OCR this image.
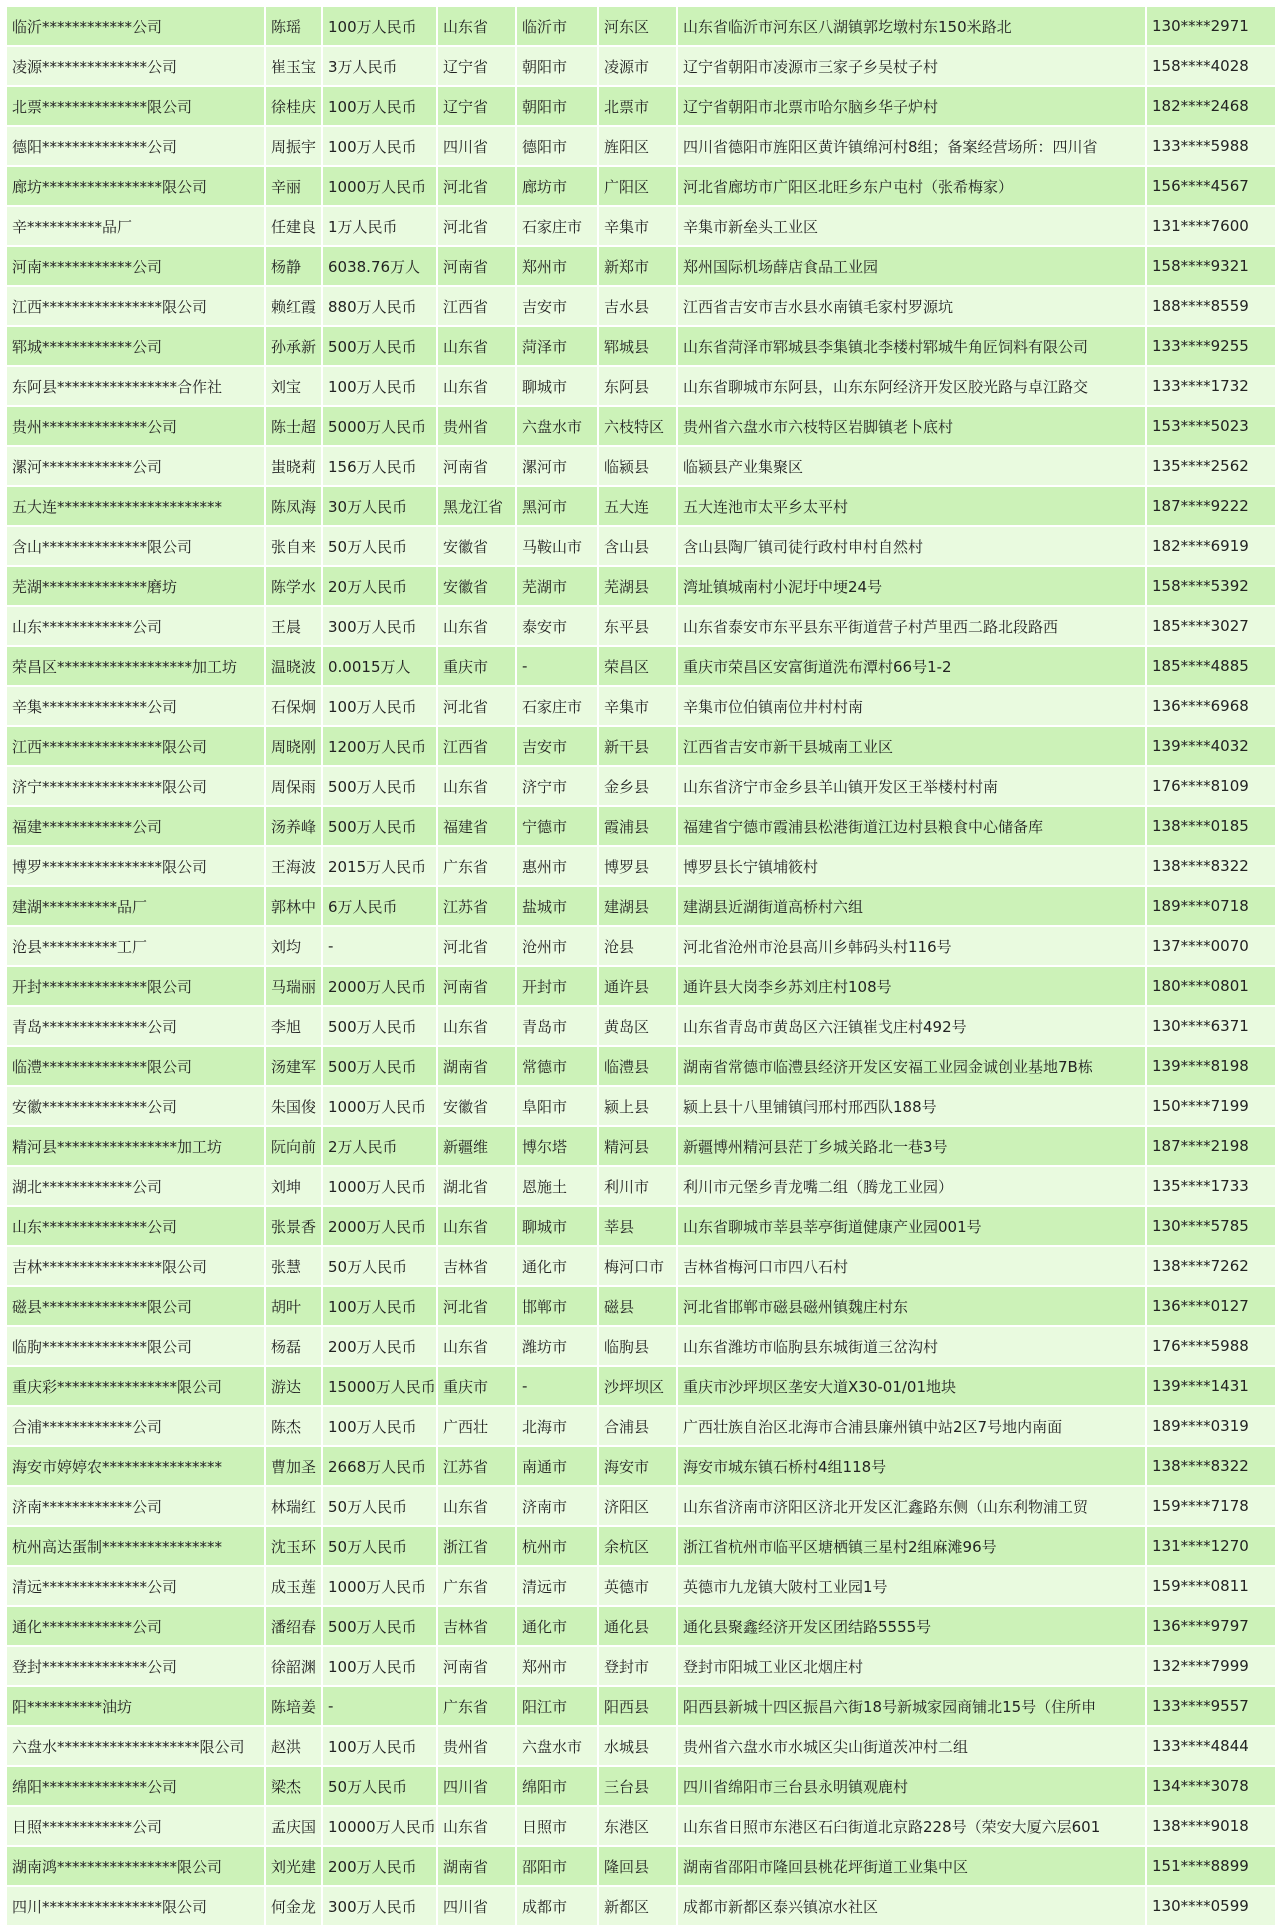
临沂************公司	陈瑶	100万人民币	山东省	临沂市	河东区	山东省临沂市河东区八湖镇郭圪墩村东150米路北	130****2971
凌源**************公司	崔玉宝	3万人民币	辽宁省	朝阳市	凌源市	辽宁省朝阳市凌源市三家子乡吴杖子村	158****4028
北票**************限公司	徐桂庆	100万人民币	辽宁省	朝阳市	北票市	辽宁省朝阳市北票市哈尔脑乡华子炉村	182****2468
德阳**************公司	周振宇	100万人民币	四川省	德阳市	旌阳区	四川省德阳市旌阳区黄许镇绵河村8组；备案经营场所：四川省	133****5988
廊坊****************限公司	辛丽	1000万人民币	河北省	廊坊市	广阳区	河北省廊坊市广阳区北旺乡东户屯村（张希梅家）	156****4567
辛**********品厂	任建良	1万人民币	河北省	石家庄市	辛集市	辛集市新垒头工业区	131****7600
河南************公司	杨静	6038.76万人	河南省	郑州市	新郑市	郑州国际机场薛店食品工业园	158****9321
江西****************限公司	赖红霞	880万人民币	江西省	吉安市	吉水县	江西省吉安市吉水县水南镇毛家村罗源坑	188****8559
郓城************公司	孙承新	500万人民币	山东省	菏泽市	郓城县	山东省菏泽市郓城县李集镇北李楼村郓城牛角匠饲料有限公司	133****9255
东阿县****************合作社	刘宝	100万人民币	山东省	聊城市	东阿县	山东省聊城市东阿县，山东东阿经济开发区胶光路与卓江路交	133****1732
贵州**************公司	陈士超	5000万人民币	贵州省	六盘水市	六枝特区	贵州省六盘水市六枝特区岩脚镇老卜底村	153****5023
漯河************公司	蚩晓莉	156万人民币	河南省	漯河市	临颍县	临颍县产业集聚区	135****2562
五大连**********************	陈凤海	30万人民币	黑龙江省	黑河市	五大连	五大连池市太平乡太平村	187****9222
含山**************限公司	张自来	50万人民币	安徽省	马鞍山市	含山县	含山县陶厂镇司徒行政村申村自然村	182****6919
芜湖**************磨坊	陈学水	20万人民币	安徽省	芜湖市	芜湖县	湾址镇城南村小泥圩中埂24号	158****5392
山东************公司	王晨	300万人民币	山东省	泰安市	东平县	山东省泰安市东平县东平街道营子村芦里西二路北段路西	185****3027
荣昌区******************加工坊	温晓波	0.0015万人	重庆市	-	荣昌区	重庆市荣昌区安富街道洗布潭村66号1-2	185****4885
辛集**************公司	石保炯	100万人民币	河北省	石家庄市	辛集市	辛集市位伯镇南位井村村南	136****6968
江西****************限公司	周晓刚	1200万人民币	江西省	吉安市	新干县	江西省吉安市新干县城南工业区	139****4032
济宁****************限公司	周保雨	500万人民币	山东省	济宁市	金乡县	山东省济宁市金乡县羊山镇开发区王举楼村村南	176****8109
福建************公司	汤养峰	500万人民币	福建省	宁德市	霞浦县	福建省宁德市霞浦县松港街道江边村县粮食中心储备库	138****0185
博罗****************限公司	王海波	2015万人民币	广东省	惠州市	博罗县	博罗县长宁镇埔筱村	138****8322
建湖**********品厂	郭林中	6万人民币	江苏省	盐城市	建湖县	建湖县近湖街道高桥村六组	189****0718
沧县**********工厂	刘均	-	河北省	沧州市	沧县	河北省沧州市沧县高川乡韩码头村116号	137****0070
开封**************限公司	马瑞丽	2000万人民币	河南省	开封市	通许县	通许县大岗李乡苏刘庄村108号	180****0801
青岛**************公司	李旭	500万人民币	山东省	青岛市	黄岛区	山东省青岛市黄岛区六汪镇崔戈庄村492号	130****6371
临澧**************限公司	汤建军	500万人民币	湖南省	常德市	临澧县	湖南省常德市临澧县经济开发区安福工业园金诚创业基地7B栋	139****8198
安徽**************公司	朱国俊	1000万人民币	安徽省	阜阳市	颍上县	颍上县十八里铺镇闫邢村邢西队188号	150****7199
精河县****************加工坊	阮向前	2万人民币	新疆维	博尔塔	精河县	新疆博州精河县茫丁乡城关路北一巷3号	187****2198
湖北************公司	刘坤	1000万人民币	湖北省	恩施土	利川市	利川市元堡乡青龙嘴二组（腾龙工业园）	135****1733
山东**************公司	张景香	2000万人民币	山东省	聊城市	莘县	山东省聊城市莘县莘亭街道健康产业园001号	130****5785
吉林****************限公司	张慧	50万人民币	吉林省	通化市	梅河口市	吉林省梅河口市四八石村	138****7262
磁县**************限公司	胡叶	100万人民币	河北省	邯郸市	磁县	河北省邯郸市磁县磁州镇魏庄村东	136****0127
临朐**************限公司	杨磊	200万人民币	山东省	潍坊市	临朐县	山东省潍坊市临朐县东城街道三岔沟村	176****5988
重庆彩****************限公司	游达	15000万人民币	重庆市	-	沙坪坝区	重庆市沙坪坝区垄安大道X30-01/01地块	139****1431
合浦************公司	陈杰	100万人民币	广西壮	北海市	合浦县	广西壮族自治区北海市合浦县廉州镇中站2区7号地内南面	189****0319
海安市婷婷农****************	曹加圣	2668万人民币	江苏省	南通市	海安市	海安市城东镇石桥村4组118号	138****8322
济南************公司	林瑞红	50万人民币	山东省	济南市	济阳区	山东省济南市济阳区济北开发区汇鑫路东侧（山东利物浦工贸	159****7178
杭州高达蛋制****************	沈玉环	50万人民币	浙江省	杭州市	余杭区	浙江省杭州市临平区塘栖镇三星村2组麻滩96号	131****1270
清远**************公司	成玉莲	1000万人民币	广东省	清远市	英德市	英德市九龙镇大陂村工业园1号	159****0811
通化************公司	潘绍春	500万人民币	吉林省	通化市	通化县	通化县聚鑫经济开发区团结路5555号	136****9797
登封**************公司	徐韶渊	100万人民币	河南省	郑州市	登封市	登封市阳城工业区北烟庄村	132****7999
阳**********油坊	陈培姜	-	广东省	阳江市	阳西县	阳西县新城十四区振昌六街18号新城家园商铺北15号（住所申	133****9557
六盘水*******************限公司	赵洪	100万人民币	贵州省	六盘水市	水城县	贵州省六盘水市水城区尖山街道茨冲村二组	133****4844
绵阳**************公司	梁杰	50万人民币	四川省	绵阳市	三台县	四川省绵阳市三台县永明镇观鹿村	134****3078
日照************公司	孟庆国	10000万人民币	山东省	日照市	东港区	山东省日照市东港区石臼街道北京路228号（荣安大厦六层601	138****9018
湖南鸿****************限公司	刘光建	200万人民币	湖南省	邵阳市	隆回县	湖南省邵阳市隆回县桃花坪街道工业集中区	151****8899
四川****************限公司	何金龙	300万人民币	四川省	成都市	新都区	成都市新都区泰兴镇凉水社区	130****0599
